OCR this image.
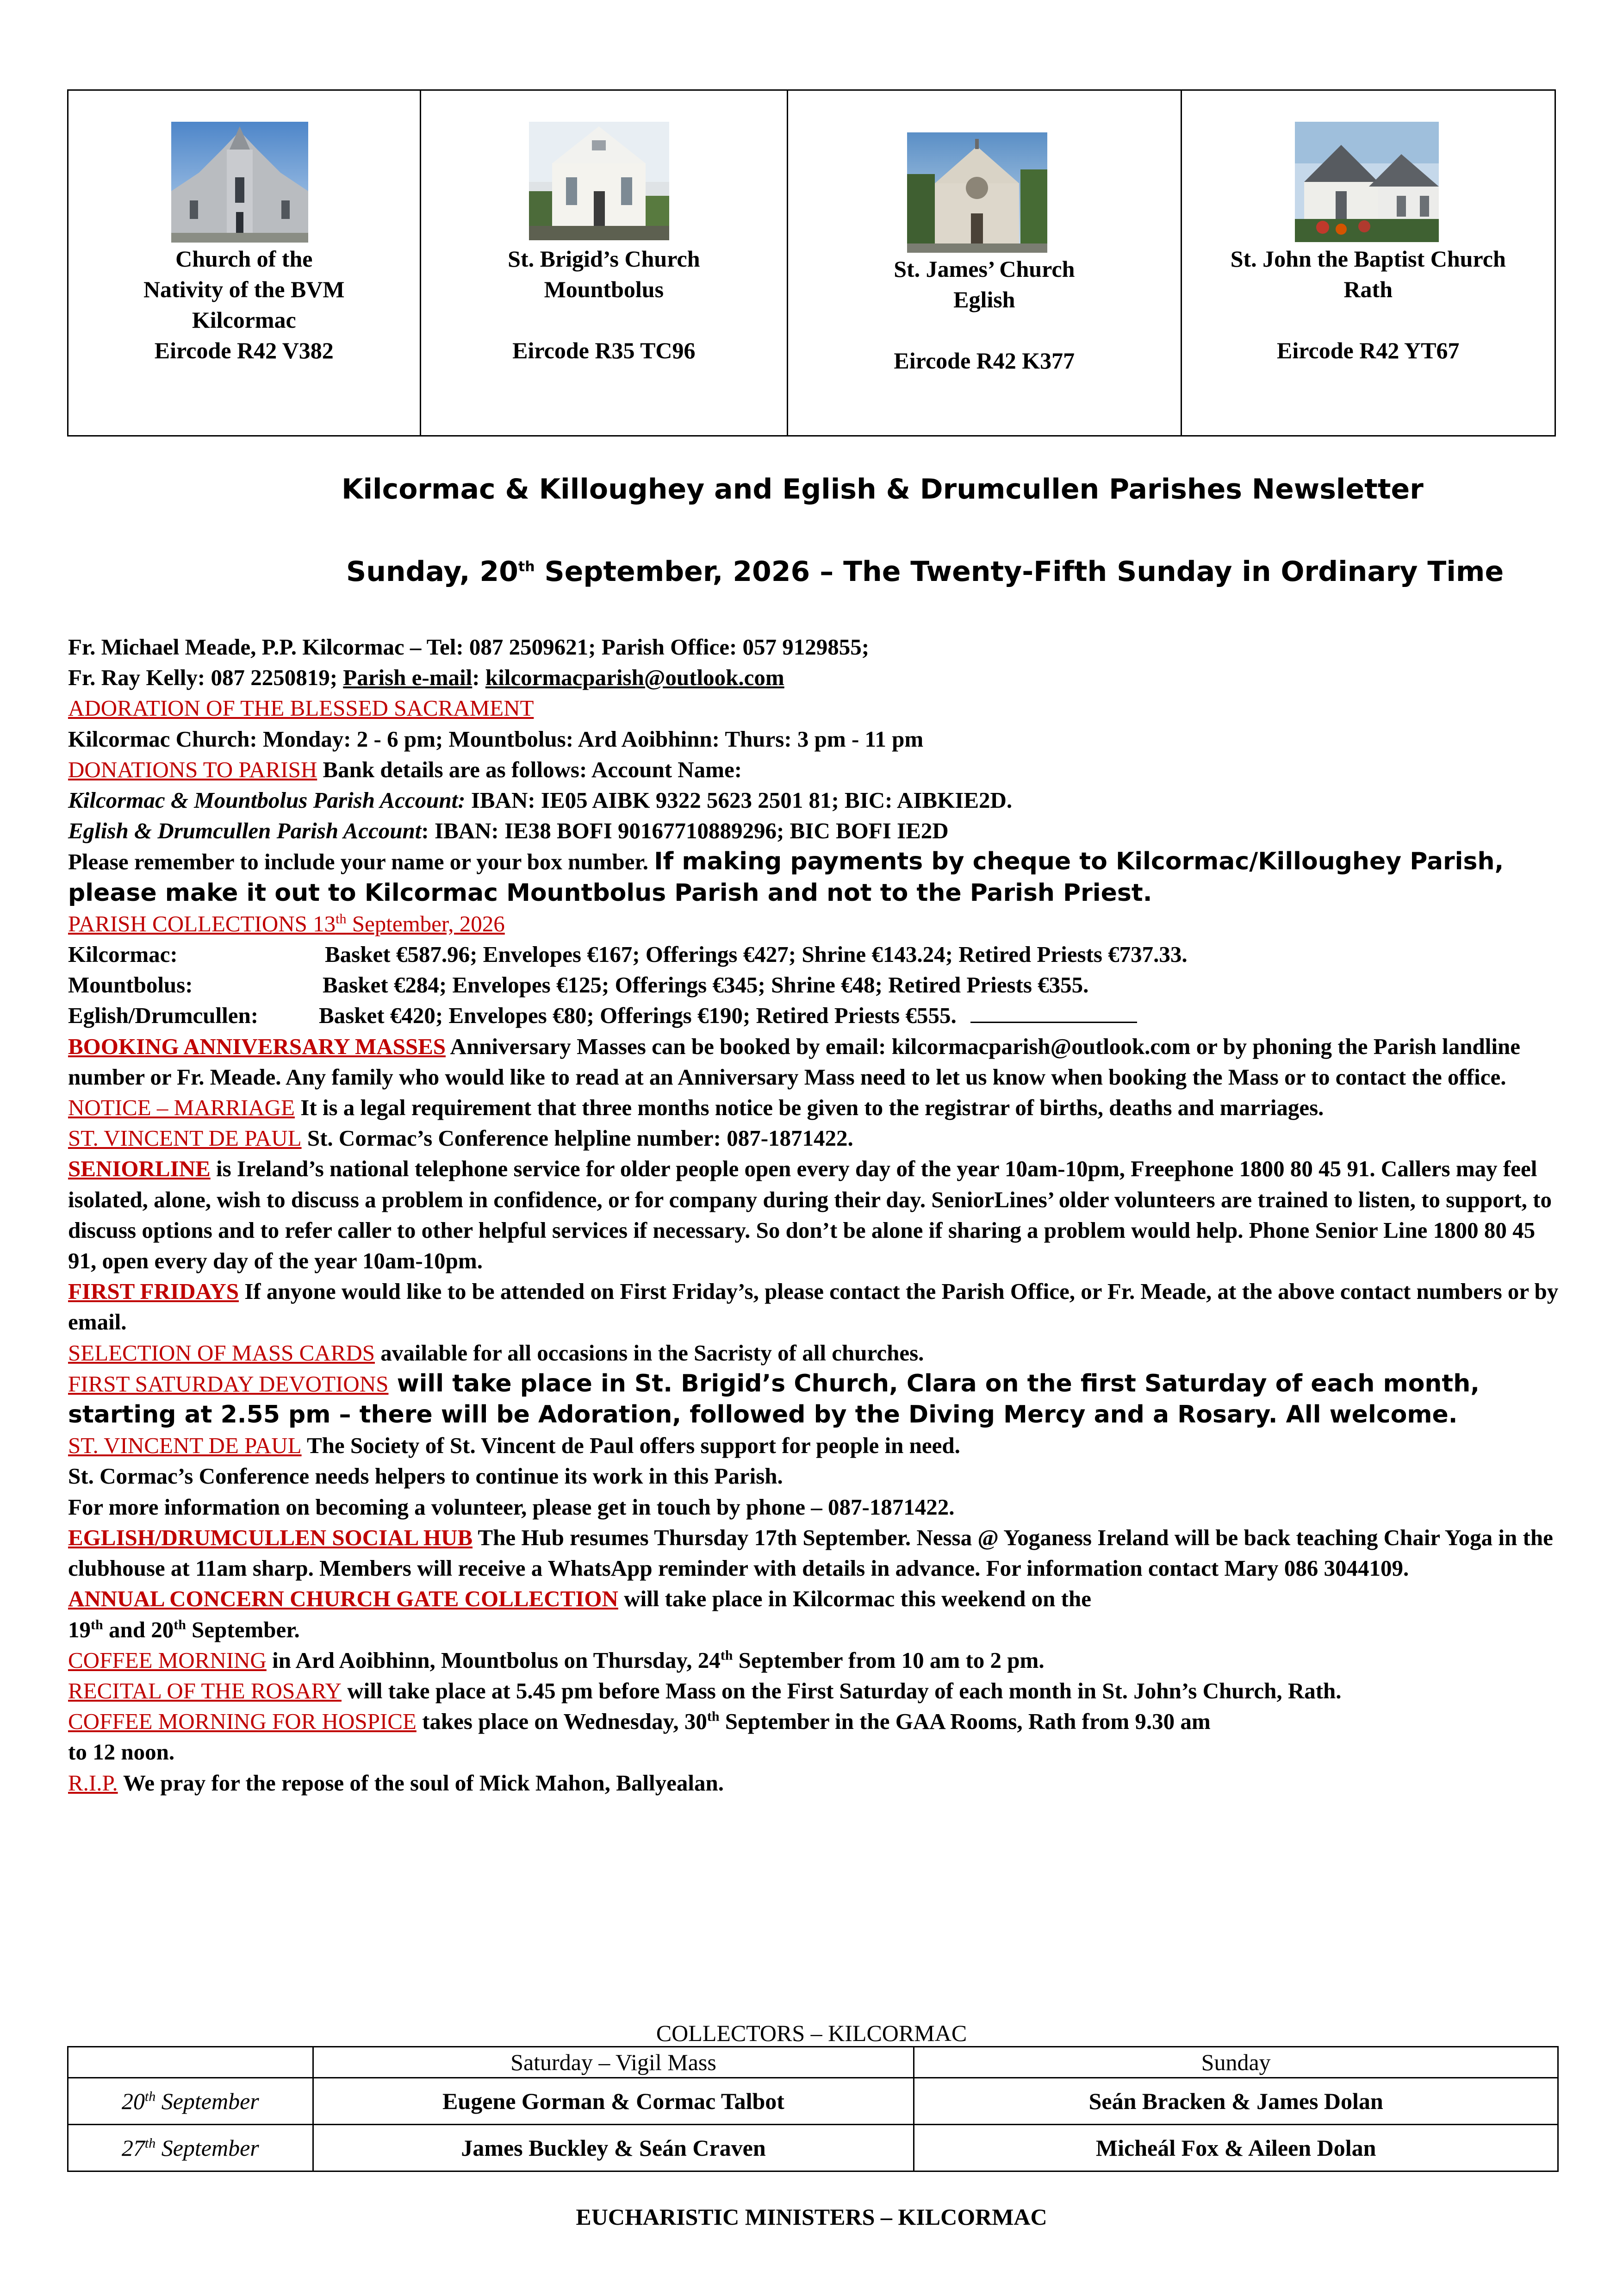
Church of the
Nativity of the BVM
Kilcormac
Eircode R42 V382
St. Brigid’s Church
Mountbolus
Eircode R35 TC96
St. James’ Church
Eglish
Eircode R42 K377
St. John the Baptist Church
Rath
Eircode R42 YT67
Kilcormac & Killoughey and Eglish & Drumcullen Parishes Newsletter
Sunday, 20th September, 2026 – The Twenty-Fifth Sunday in Ordinary Time

Fr. Michael Meade, P.P. Kilcormac – Tel: 087 2509621; Parish Office: 057 9129855;

Fr. Ray Kelly: 087 2250819; Parish e-mail: kilcormacparish@outlook.com

ADORATION OF THE BLESSED SACRAMENT

Kilcormac Church: Monday: 2 - 6 pm; Mountbolus: Ard Aoibhinn: Thurs: 3 pm - 11 pm

DONATIONS TO PARISH Bank details are as follows: Account Name:

Kilcormac & Mountbolus Parish Account: IBAN: IE05 AIBK 9322 5623 2501 81; BIC: AIBKIE2D.

Eglish & Drumcullen Parish Account: IBAN: IE38 BOFI 90167710889296; BIC BOFI IE2D

Please remember to include your name or your box number. If making payments by cheque to Kilcormac/Killoughey Parish, please make it out to Kilcormac Mountbolus Parish and not to the Parish Priest.

PARISH COLLECTIONS 13th September, 2026

Kilcormac:	Basket €587.96; Envelopes €167; Offerings €427; Shrine €143.24; Retired Priests €737.33.

Mountbolus:	Basket €284; Envelopes €125; Offerings €345; Shrine €48; Retired Priests €355.

Eglish/Drumcullen:	Basket €420; Envelopes €80; Offerings €190; Retired Priests €555.

BOOKING ANNIVERSARY MASSES Anniversary Masses can be booked by email: kilcormacparish@outlook.com or by phoning the Parish landline number or Fr. Meade. Any family who would like to read at an Anniversary Mass need to let us know when booking the Mass or to contact the office.

NOTICE – MARRIAGE It is a legal requirement that three months notice be given to the registrar of births, deaths and marriages.

ST. VINCENT DE PAUL St. Cormac’s Conference helpline number: 087-1871422.

SENIORLINE is Ireland’s national telephone service for older people open every day of the year 10am-10pm, Freephone 1800 80 45 91. Callers may feel isolated, alone, wish to discuss a problem in confidence, or for company during their day. SeniorLines’ older volunteers are trained to listen, to support, to discuss options and to refer caller to other helpful services if necessary. So don’t be alone if sharing a problem would help. Phone Senior Line 1800 80 45 91, open every day of the year 10am-10pm.

FIRST FRIDAYS If anyone would like to be attended on First Friday’s, please contact the Parish Office, or Fr. Meade, at the above contact numbers or by email.

SELECTION OF MASS CARDS available for all occasions in the Sacristy of all churches.

FIRST SATURDAY DEVOTIONS will take place in St. Brigid’s Church, Clara on the first Saturday of each month, starting at 2.55 pm – there will be Adoration, followed by the Diving Mercy and a Rosary. All welcome.

ST. VINCENT DE PAUL The Society of St. Vincent de Paul offers support for people in need.

St. Cormac’s Conference needs helpers to continue its work in this Parish.

For more information on becoming a volunteer, please get in touch by phone – 087-1871422.

EGLISH/DRUMCULLEN SOCIAL HUB The Hub resumes Thursday 17th September. Nessa @ Yoganess Ireland will be back teaching Chair Yoga in the clubhouse at 11am sharp. Members will receive a WhatsApp reminder with details in advance. For information contact Mary 086 3044109.

ANNUAL CONCERN CHURCH GATE COLLECTION will take place in Kilcormac this weekend on the

19th and 20th September.

COFFEE MORNING in Ard Aoibhinn, Mountbolus on Thursday, 24th September from 10 am to 2 pm.

RECITAL OF THE ROSARY will take place at 5.45 pm before Mass on the First Saturday of each month in St. John’s Church, Rath.

COFFEE MORNING FOR HOSPICE takes place on Wednesday, 30th September in the GAA Rooms, Rath from 9.30 am

to 12 noon.

R.I.P. We pray for the repose of the soul of Mick Mahon, Ballyealan.

COLLECTORS – KILCORMAC
	Saturday – Vigil Mass	Sunday
20th September	Eugene Gorman & Cormac Talbot	Seán Bracken & James Dolan
27th September	James Buckley & Seán Craven	Micheál Fox & Aileen Dolan
EUCHARISTIC MINISTERS – KILCORMAC
